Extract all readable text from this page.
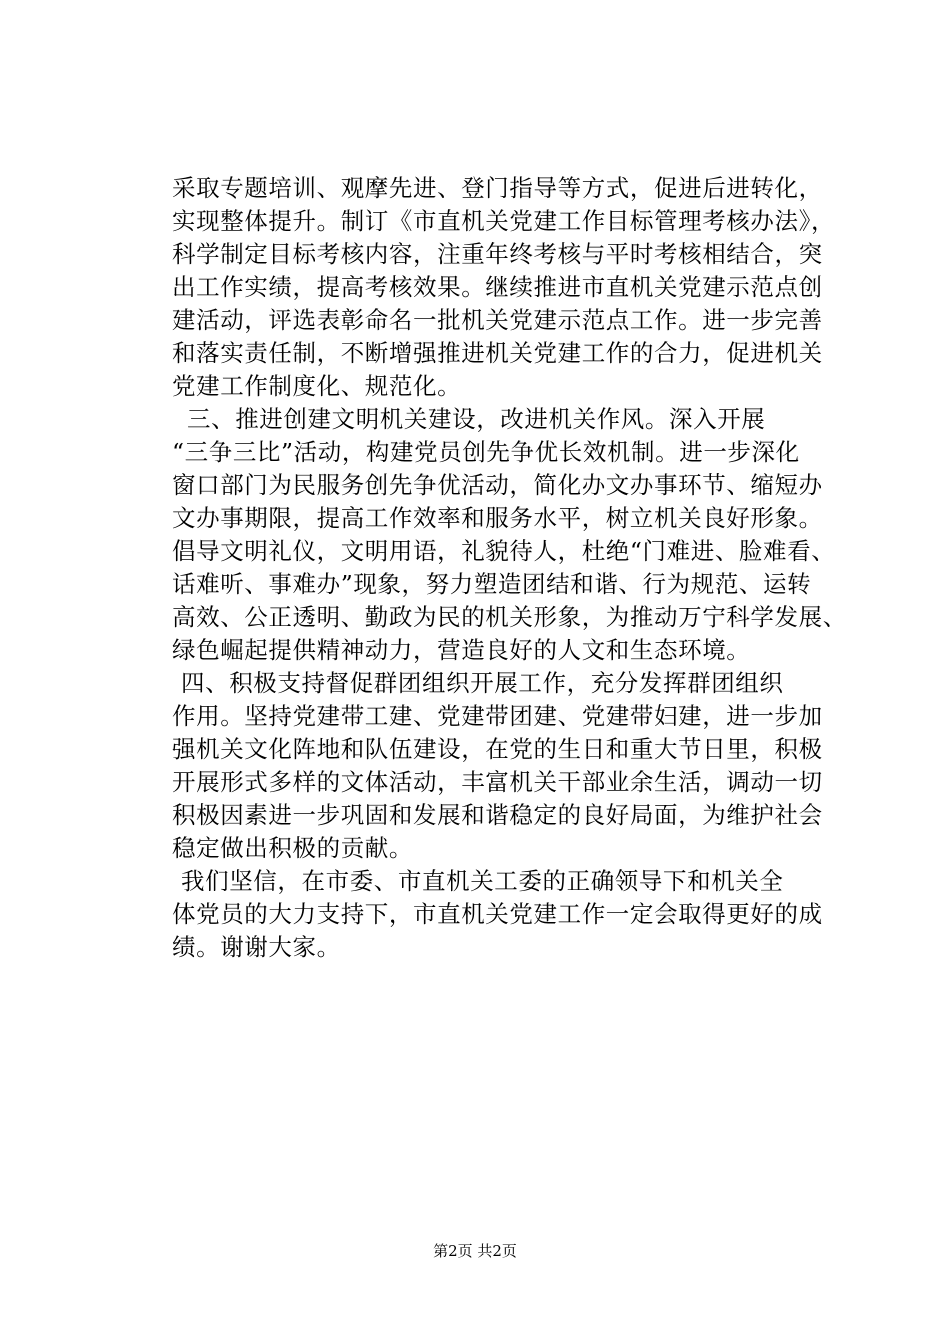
采取专题培训、观摩先进、登门指导等方式，促进后进转化，
实现整体提升。制订《市直机关党建工作目标管理考核办法》，
科学制定目标考核内容，注重年终考核与平时考核相结合，突
出工作实绩，提高考核效果。继续推进市直机关党建示范点创
建活动，评选表彰命名一批机关党建示范点工作。进一步完善
和落实责任制，不断增强推进机关党建工作的合力，促进机关
党建工作制度化、规范化。
三、推进创建文明机关建设，改进机关作风。深入开展
“三争三比”活动，构建党员创先争优长效机制。进一步深化
窗口部门为民服务创先争优活动，简化办文办事环节、缩短办
文办事期限，提高工作效率和服务水平，树立机关良好形象。
倡导文明礼仪，文明用语，礼貌待人，杜绝“门难进、脸难看、
话难听、事难办”现象，努力塑造团结和谐、行为规范、运转
高效、公正透明、勤政为民的机关形象，为推动万宁科学发展、
绿色崛起提供精神动力，营造良好的人文和生态环境。
四、积极支持督促群团组织开展工作，充分发挥群团组织
作用。坚持党建带工建、党建带团建、党建带妇建，进一步加
强机关文化阵地和队伍建设，在党的生日和重大节日里，积极
开展形式多样的文体活动，丰富机关干部业余生活，调动一切
积极因素进一步巩固和发展和谐稳定的良好局面，为维护社会
稳定做出积极的贡献。
我们坚信，在市委、市直机关工委的正确领导下和机关全
体党员的大力支持下，市直机关党建工作一定会取得更好的成
绩。谢谢大家。
第2页 共2页
